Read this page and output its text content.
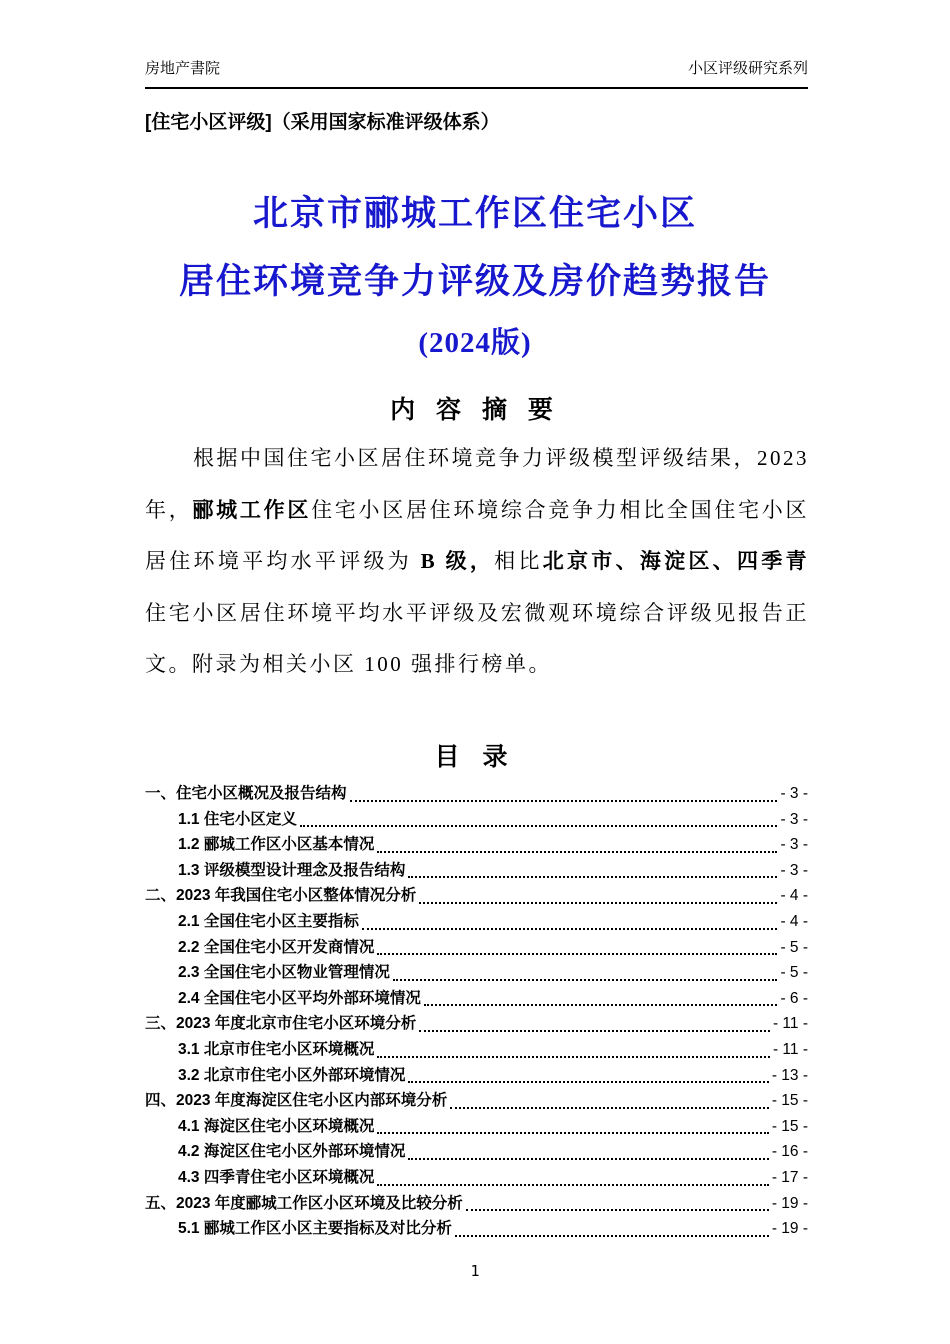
房地产書院	小区评级研究系列
[住宅小区评级]（采用国家标准评级体系）
北京市郦城工作区住宅小区
居住环境竞争力评级及房价趋势报告
(2024版)
内 容 摘 要
根据中国住宅小区居住环境竞争力评级模型评级结果，2023 年，郦城工作区住宅小区居住环境综合竞争力相比全国住宅小区居住环境平均水平评级为 B 级，相比北京市、海淀区、四季青住宅小区居住环境平均水平评级及宏微观环境综合评级见报告正文。附录为相关小区 100 强排行榜单。
目 录
一、住宅小区概况及报告结构	- 3 -
1.1 住宅小区定义	- 3 -
1.2 郦城工作区小区基本情况	- 3 -
1.3 评级模型设计理念及报告结构	- 3 -
二、2023 年我国住宅小区整体情况分析	- 4 -
2.1 全国住宅小区主要指标	- 4 -
2.2 全国住宅小区开发商情况	- 5 -
2.3 全国住宅小区物业管理情况	- 5 -
2.4 全国住宅小区平均外部环境情况	- 6 -
三、2023 年度北京市住宅小区环境分析	- 11 -
3.1 北京市住宅小区环境概况	- 11 -
3.2 北京市住宅小区外部环境情况	- 13 -
四、2023 年度海淀区住宅小区内部环境分析	- 15 -
4.1 海淀区住宅小区环境概况	- 15 -
4.2 海淀区住宅小区外部环境情况	- 16 -
4.3 四季青住宅小区环境概况	- 17 -
五、2023 年度郦城工作区小区环境及比较分析	- 19 -
5.1 郦城工作区小区主要指标及对比分析	- 19 -
1
